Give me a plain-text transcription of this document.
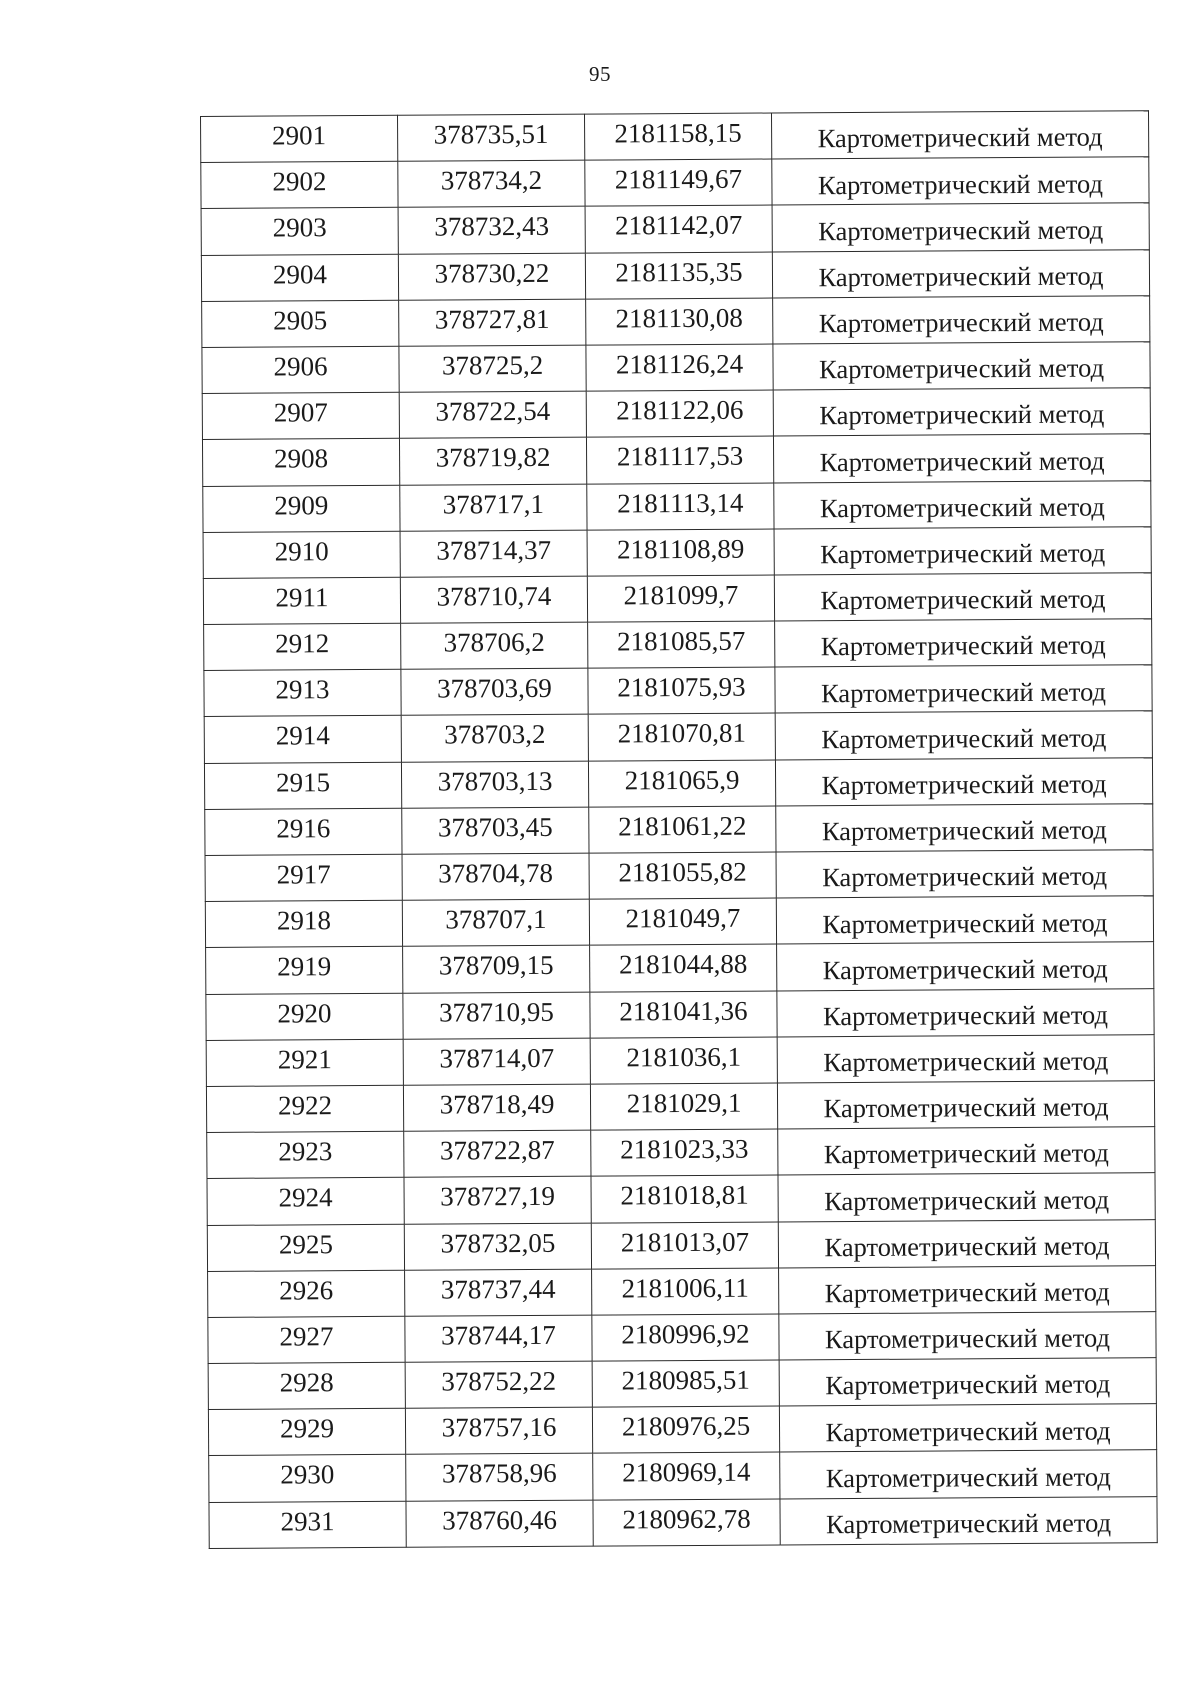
95
2901	378735,51	2181158,15	Картометрический метод
2902	378734,2	2181149,67	Картометрический метод
2903	378732,43	2181142,07	Картометрический метод
2904	378730,22	2181135,35	Картометрический метод
2905	378727,81	2181130,08	Картометрический метод
2906	378725,2	2181126,24	Картометрический метод
2907	378722,54	2181122,06	Картометрический метод
2908	378719,82	2181117,53	Картометрический метод
2909	378717,1	2181113,14	Картометрический метод
2910	378714,37	2181108,89	Картометрический метод
2911	378710,74	2181099,7	Картометрический метод
2912	378706,2	2181085,57	Картометрический метод
2913	378703,69	2181075,93	Картометрический метод
2914	378703,2	2181070,81	Картометрический метод
2915	378703,13	2181065,9	Картометрический метод
2916	378703,45	2181061,22	Картометрический метод
2917	378704,78	2181055,82	Картометрический метод
2918	378707,1	2181049,7	Картометрический метод
2919	378709,15	2181044,88	Картометрический метод
2920	378710,95	2181041,36	Картометрический метод
2921	378714,07	2181036,1	Картометрический метод
2922	378718,49	2181029,1	Картометрический метод
2923	378722,87	2181023,33	Картометрический метод
2924	378727,19	2181018,81	Картометрический метод
2925	378732,05	2181013,07	Картометрический метод
2926	378737,44	2181006,11	Картометрический метод
2927	378744,17	2180996,92	Картометрический метод
2928	378752,22	2180985,51	Картометрический метод
2929	378757,16	2180976,25	Картометрический метод
2930	378758,96	2180969,14	Картометрический метод
2931	378760,46	2180962,78	Картометрический метод
